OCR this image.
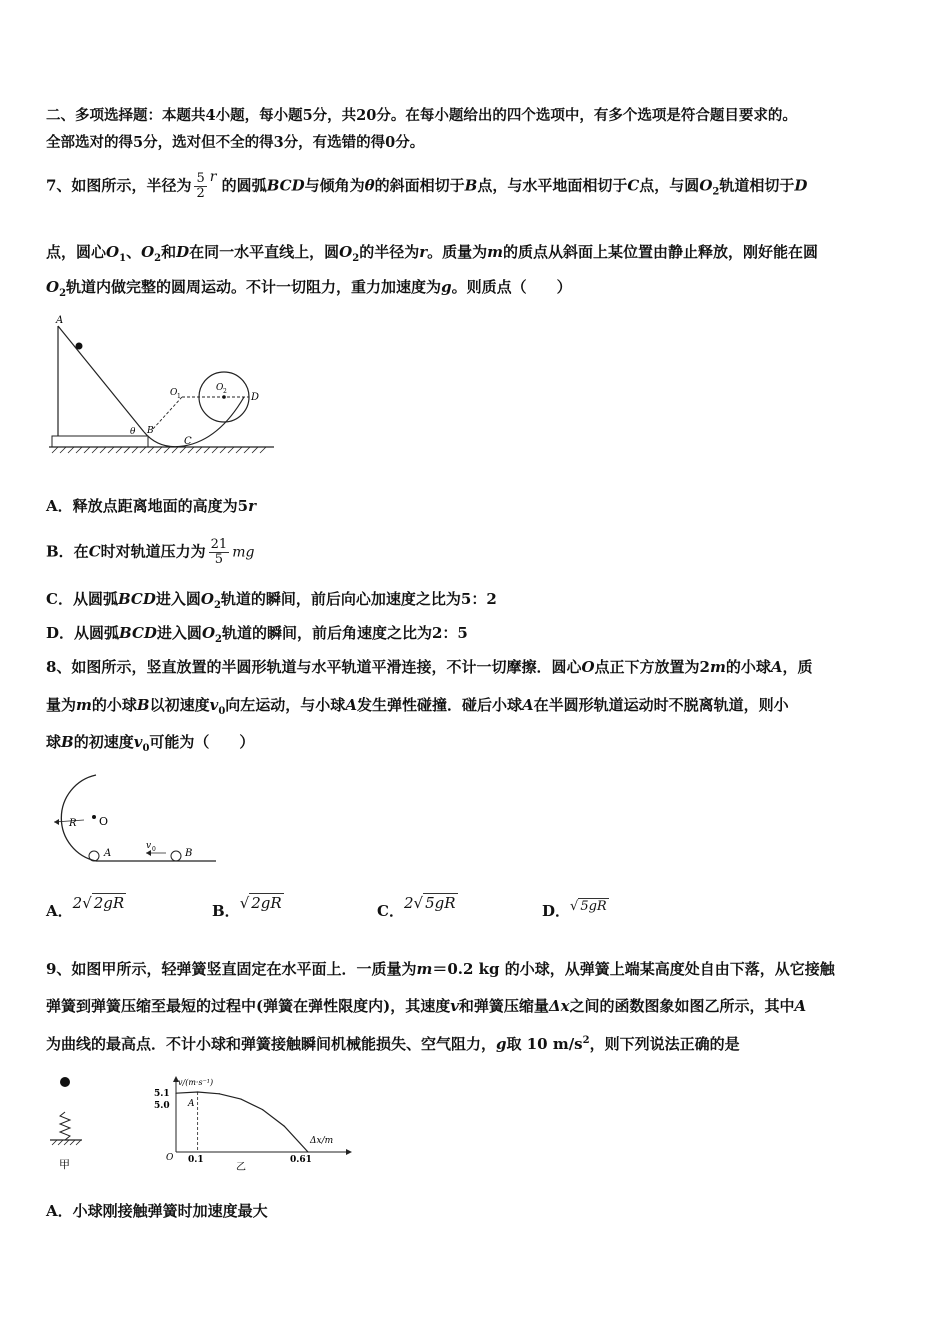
二、多项选择题：本题共4小题，每小题5分，共20分。在每小题给出的四个选项中，有多个选项是符合题目要求的。
全部选对的得5分，选对但不全的得3分，有选错的得0分。
7、如图所示，半径为 $\frac{5}{2}$ r 的圆弧BCD与倾角为θ的斜面相切于B点，与水平地面相切于C点，与圆$O_2$轨道相切于D
点，圆心$O_1$、$O_2$和D在同一水平直线上，圆$O_2$的半径为r。质量为m的质点从斜面上某位置由静止释放，刚好能在圆
$O_2$轨道内做完整的圆周运动。不计一切阻力，重力加速度为g。则质点（　　）
A
O 1
O 2
D
θ B
C
A．释放点距离地面的高度为5r
B．在C时对轨道压力为 $\frac{21}{5}$ mg
C．从圆弧BCD进入圆$O_2$轨道的瞬间，前后向心加速度之比为5：2
D．从圆弧BCD进入圆$O_2$轨道的瞬间，前后角速度之比为2：5
8、如图所示，竖直放置的半圆形轨道与水平轨道平滑连接，不计一切摩擦．圆心O点正下方放置为2m的小球A，质
量为m的小球B以初速度$v_0$向左运动，与小球A发生弹性碰撞．碰后小球A在半圆形轨道运动时不脱离轨道，则小
球B的初速度$v_0$可能为（　　）
R O
A
v 0	B
A．2√ 2gR	B．√ 2gR	C．2√ 5gR	D．√ 5gR
9、如图甲所示，轻弹簧竖直固定在水平面上．一质量为m＝0.2 kg 的小球，从弹簧上端某高度处自由下落，从它接触
弹簧到弹簧压缩至最短的过程中(弹簧在弹性限度内)，其速度v和弹簧压缩量Δx之间的函数图象如图乙所示，其中A
为曲线的最高点．不计小球和弹簧接触瞬间机械能损失、空气阻力，g取 10 $m/s^2$，则下列说法正确的是
甲
v/(m·s⁻¹)
Δx/m
O
5.1
5.0
0.1	0.61
A
乙
A．小球刚接触弹簧时加速度最大
